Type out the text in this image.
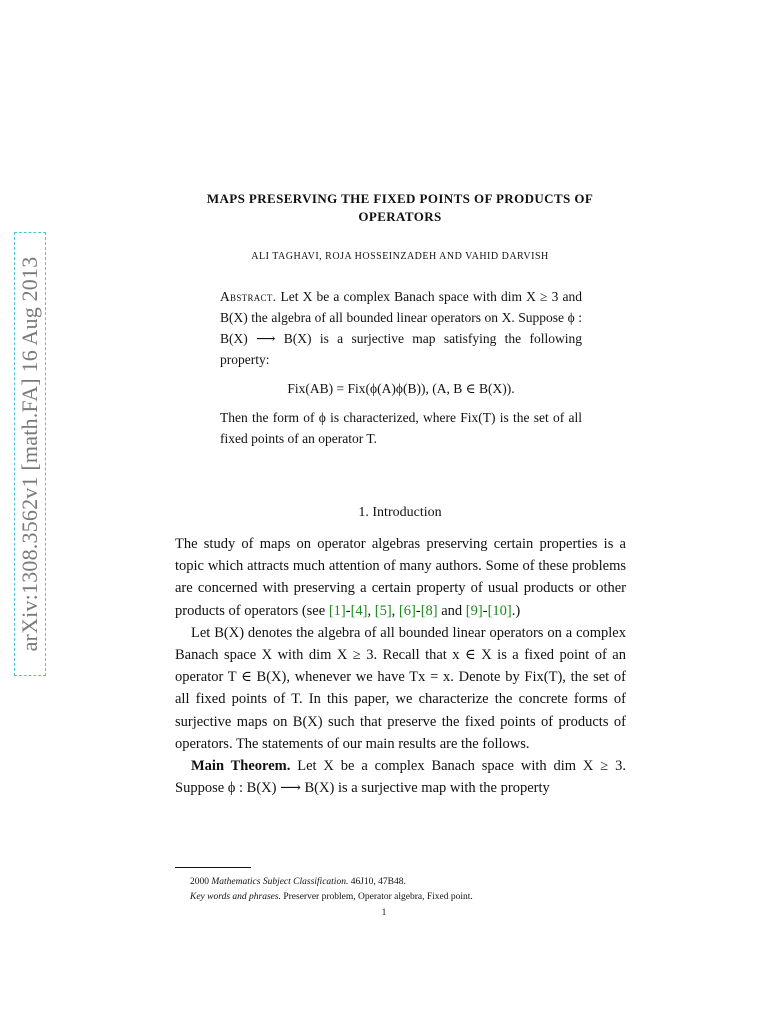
arXiv:1308.3562v1 [math.FA] 16 Aug 2013
MAPS PRESERVING THE FIXED POINTS OF PRODUCTS OF
OPERATORS
ALI TAGHAVI, ROJA HOSSEINZADEH AND VAHID DARVISH

Abstract. Let X be a complex Banach space with dim X ≥ 3 and B(X) the algebra of all bounded linear operators on X. Suppose ϕ : B(X) ⟶ B(X) is a surjective map satisfying the following property:

Fix(AB) = Fix(ϕ(A)ϕ(B)), (A, B ∈ B(X)).

Then the form of ϕ is characterized, where Fix(T) is the set of all fixed points of an operator T.

1. Introduction

The study of maps on operator algebras preserving certain properties is a topic which attracts much attention of many authors. Some of these problems are concerned with preserving a certain property of usual products or other products of operators (see [1]-[4], [5], [6]-[8] and [9]-[10].)

Let B(X) denotes the algebra of all bounded linear operators on a complex Banach space X with dim X ≥ 3. Recall that x ∈ X is a fixed point of an operator T ∈ B(X), whenever we have Tx = x. Denote by Fix(T), the set of all fixed points of T. In this paper, we characterize the concrete forms of surjective maps on B(X) such that preserve the fixed points of products of operators. The statements of our main results are the follows.

Main Theorem. Let X be a complex Banach space with dim X ≥ 3. Suppose ϕ : B(X) ⟶ B(X) is a surjective map with the property

2000 Mathematics Subject Classification. 46J10, 47B48.
Key words and phrases. Preserver problem, Operator algebra, Fixed point.
1
